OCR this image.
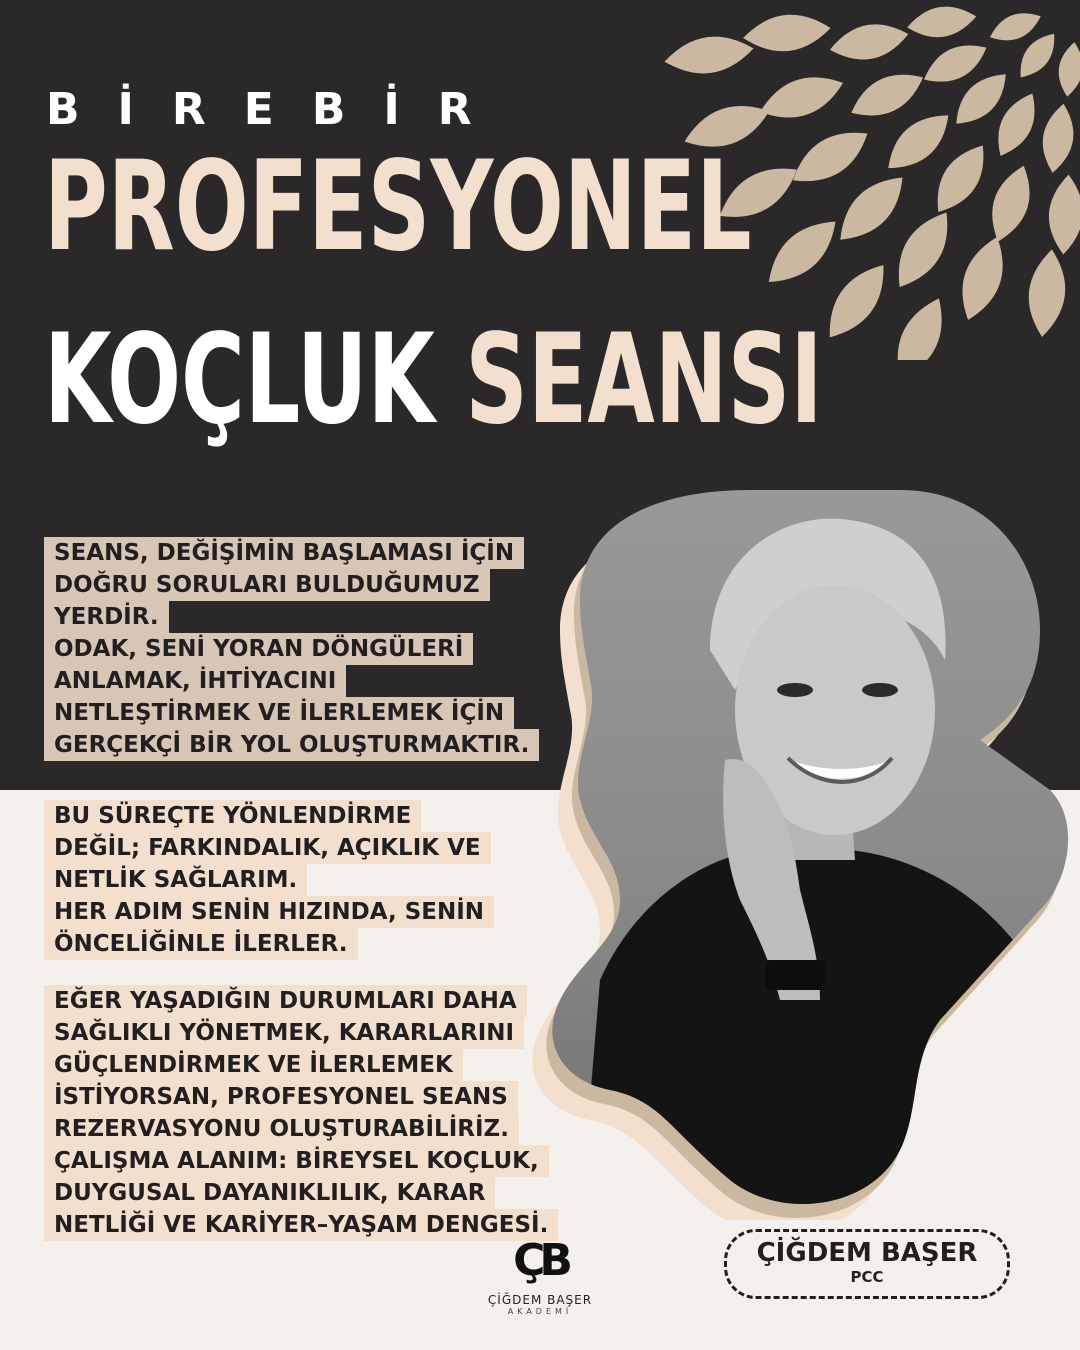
BİREBİR
PROFESYONEL
KOÇLUK SEANSI
SEANS, DEĞİŞİMİN BAŞLAMASI İÇİN
DOĞRU SORULARI BULDUĞUMUZ
YERDİR.
ODAK, SENİ YORAN DÖNGÜLERİ
ANLAMAK, İHTİYACINI
NETLEŞTİRMEK VE İLERLEMEK İÇİN
GERÇEKÇİ BİR YOL OLUŞTURMAKTIR.
BU SÜREÇTE YÖNLENDİRME
DEĞİL; FARKINDALIK, AÇIKLIK VE
NETLİK SAĞLARIM.
HER ADIM SENİN HIZINDA, SENİN
ÖNCELİĞİNLE İLERLER.
EĞER YAŞADIĞIN DURUMLARI DAHA
SAĞLIKLI YÖNETMEK, KARARLARINI
GÜÇLENDİRMEK VE İLERLEMEK
İSTİYORSAN, PROFESYONEL SEANS
REZERVASYONU OLUŞTURABİLİRİZ.
ÇALIŞMA ALANIM: BİREYSEL KOÇLUK,
DUYGUSAL DAYANIKLILIK, KARAR
NETLİĞİ VE KARİYER–YAŞAM DENGESİ.
ÇB
ÇİĞDEM BAŞER
AKADEMİ
ÇİĞDEM BAŞER
PCC
